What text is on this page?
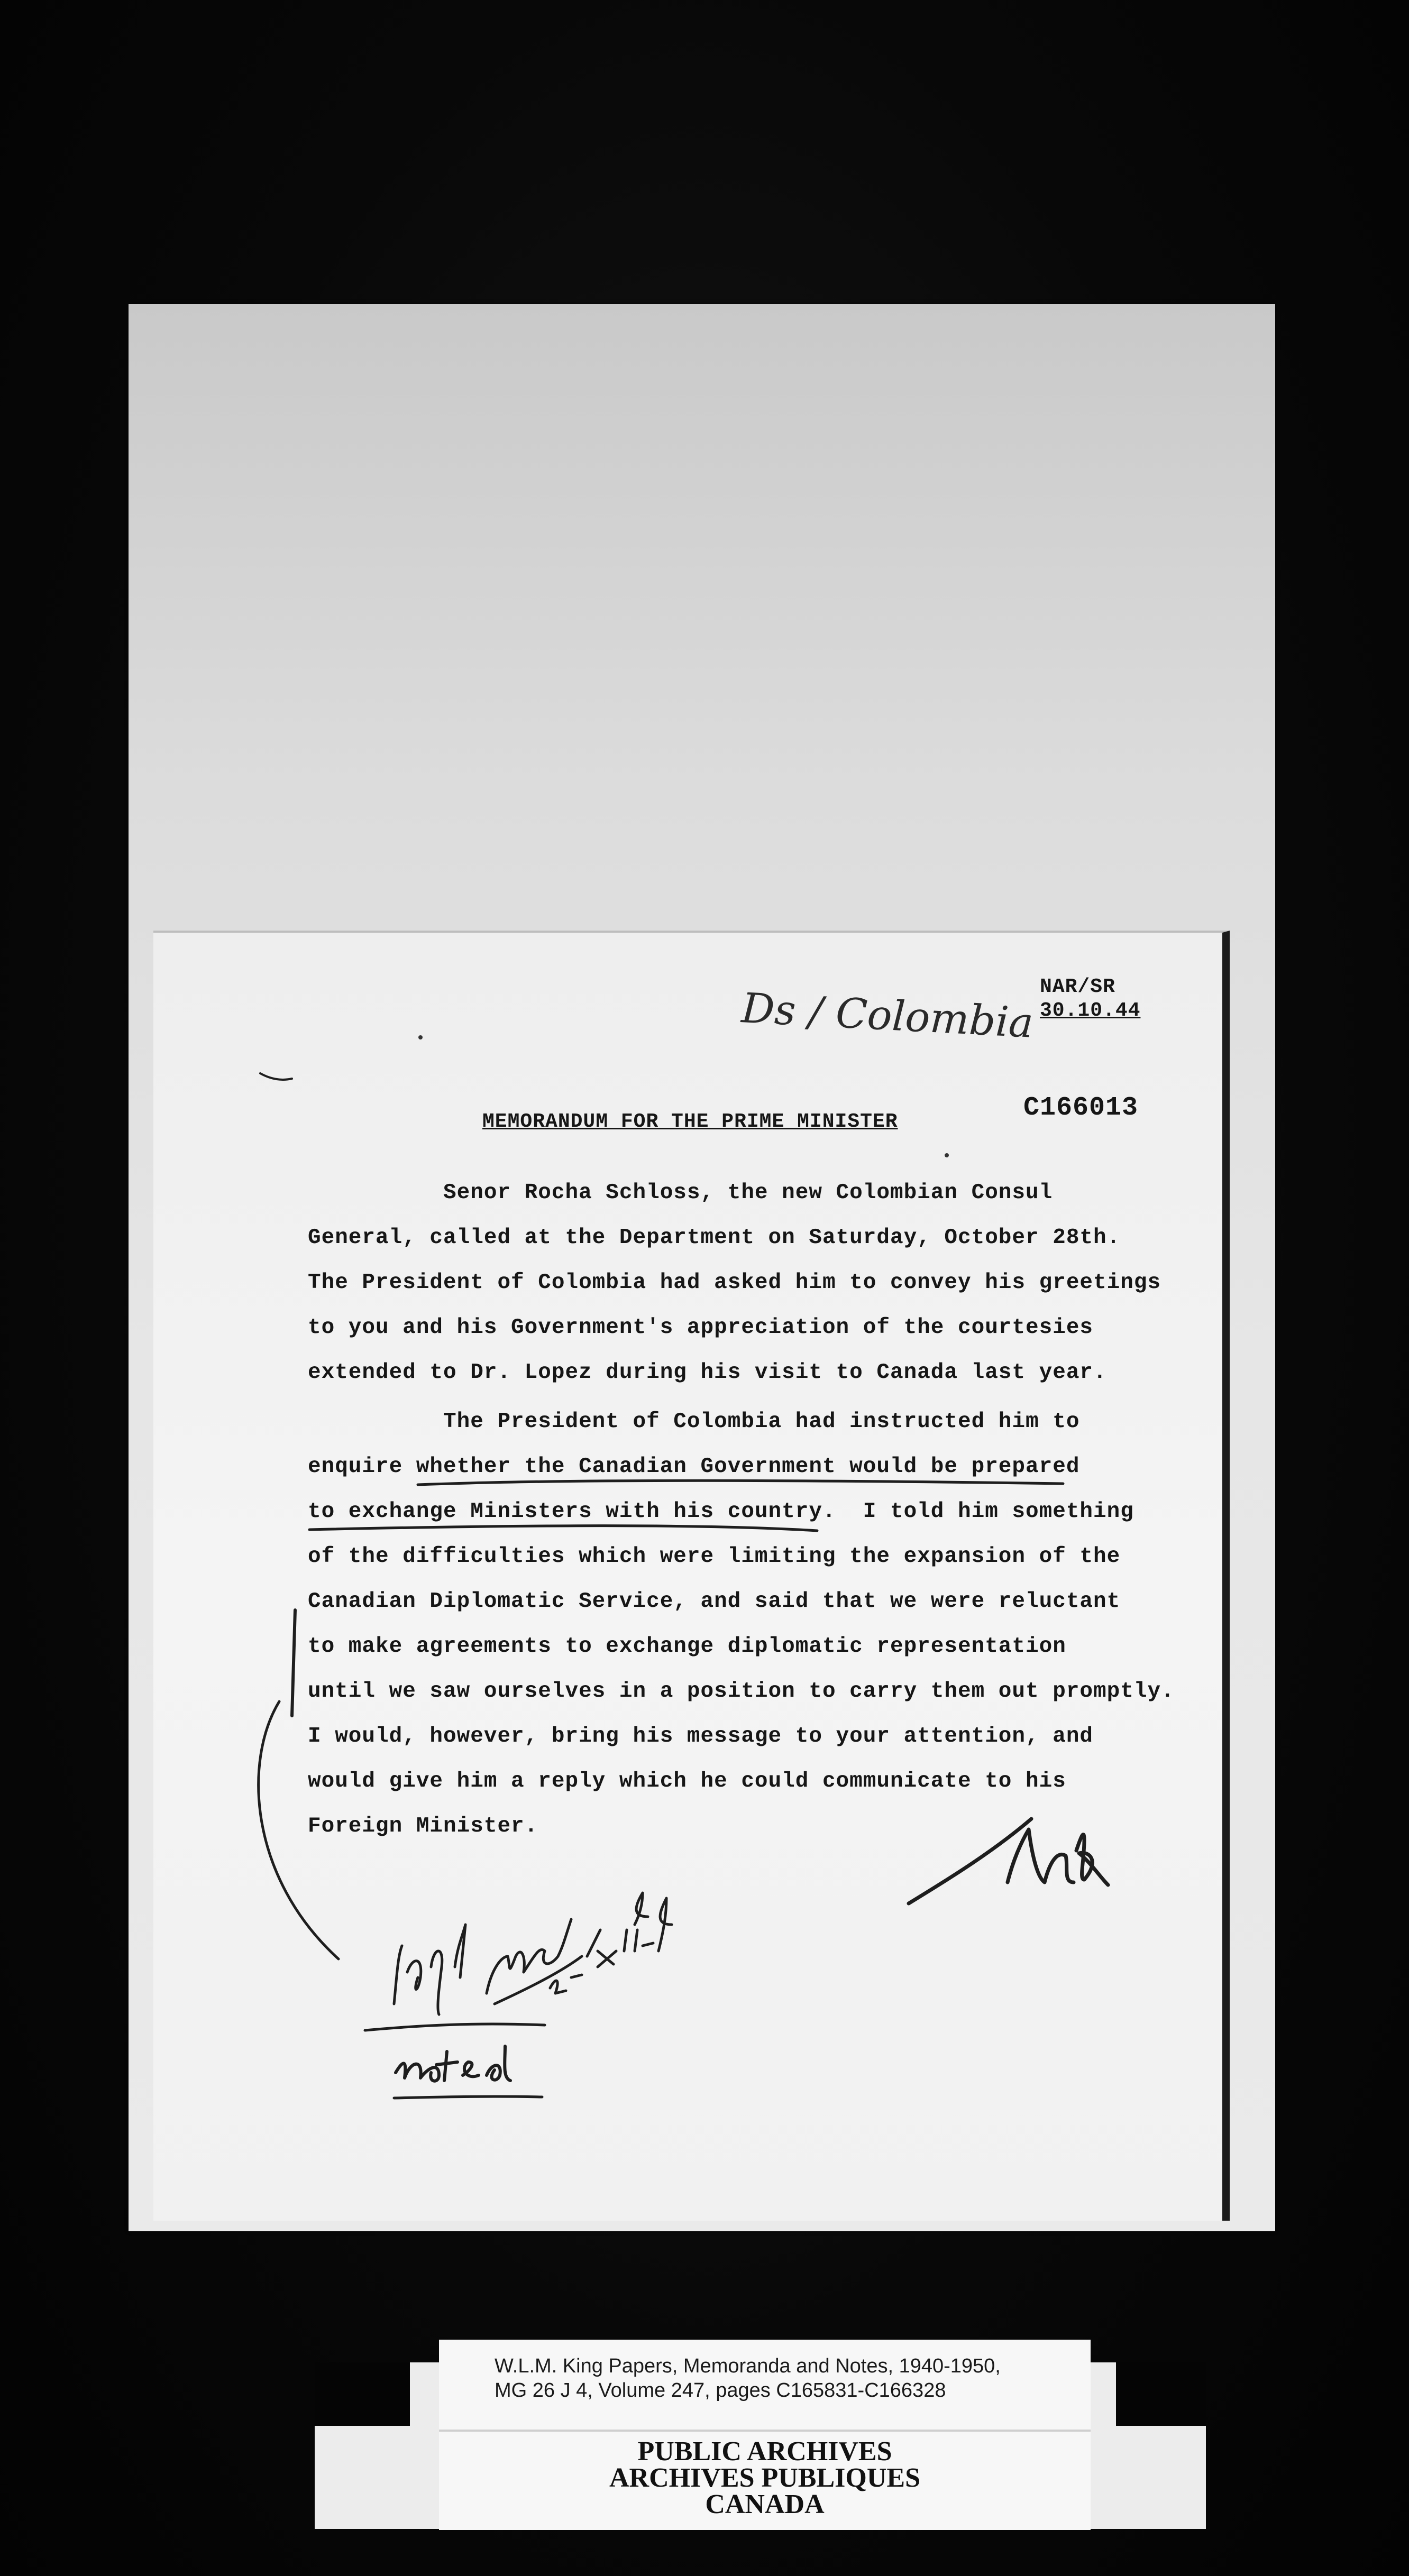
Ds / Colombia NAR/SR
30.10.44
C166013
MEMORANDUM FOR THE PRIME MINISTER
Senor Rocha Schloss, the new Colombian Consul
General, called at the Department on Saturday, October 28th.
The President of Colombia had asked him to convey his greetings
to you and his Government's appreciation of the courtesies
extended to Dr. Lopez during his visit to Canada last year.
The President of Colombia had instructed him to
enquire whether the Canadian Government would be prepared
to exchange Ministers with his country.  I told him something
of the difficulties which were limiting the expansion of the
Canadian Diplomatic Service, and said that we were reluctant
to make agreements to exchange diplomatic representation
until we saw ourselves in a position to carry them out promptly.
I would, however, bring his message to your attention, and
would give him a reply which he could communicate to his
Foreign Minister.
W.L.M. King Papers, Memoranda and Notes, 1940-1950,
MG 26 J 4, Volume 247, pages C165831-C166328
PUBLIC ARCHIVES
ARCHIVES PUBLIQUES
CANADA
